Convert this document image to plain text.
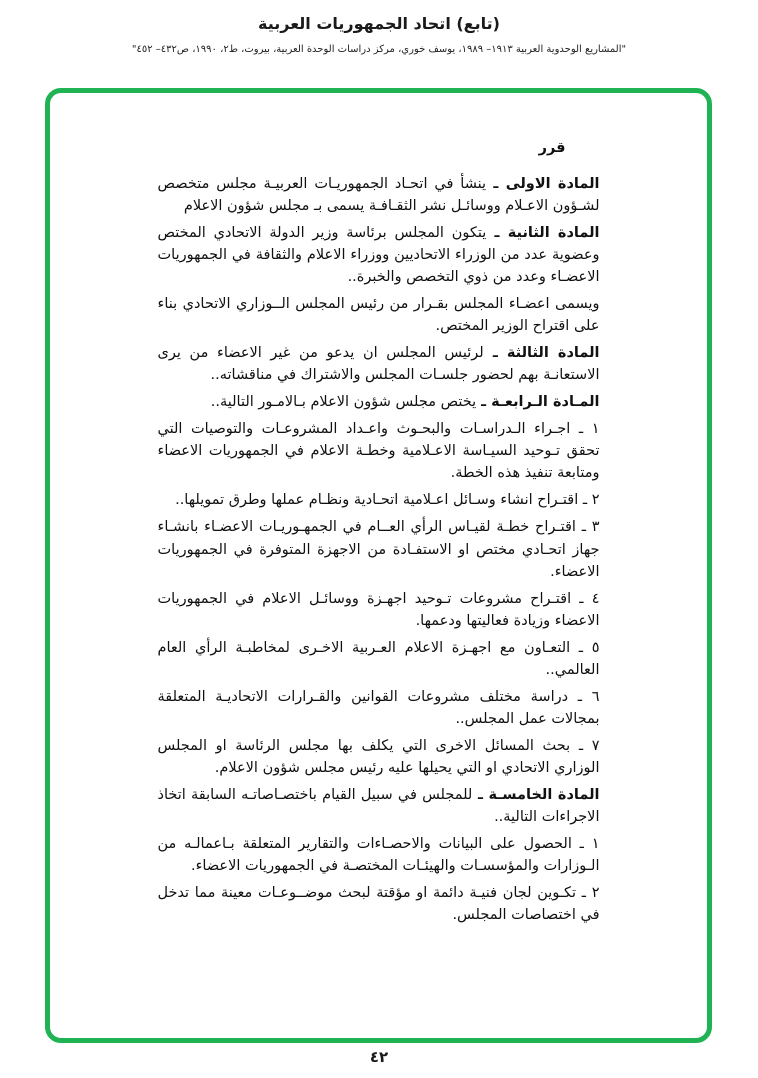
(تابع) اتحاد الجمهوريات العربية
"المشاريع الوحدوية العربية ١٩١٣– ١٩٨٩، يوسف خوري، مركز دراسات الوحدة العربية، بيروت، ط٢، ١٩٩٠، ص٤٣٢– ٤٥٢"

قرر

المادة الاولى ـ ينشأ في اتحـاد الجمهوريـات العربيـة مجلس متخصص لشـؤون الاعـلام ووسائـل نشر الثقـافـة يسمى بـ مجلس شؤون الاعلام

المادة الثانية ـ يتكون المجلس برئاسة وزير الدولة الاتحادي المختص وعضوية عدد من الوزراء الاتحاديين ووزراء الاعلام والثقافة في الجمهوريات الاعضـاء وعدد من ذوي التخصص والخبرة..

ويسمى اعضـاء المجلس بقـرار من رئيس المجلس الــوزاري الاتحادي بناء على اقتراح الوزير المختص.

المادة الثالثة ـ لرئيس المجلس ان يدعو من غير الاعضاء من يرى الاستعانـة بهم لحضور جلسـات المجلس والاشتراك في مناقشاته..

المـادة الـرابعـة ـ يختص مجلس شؤون الاعلام بـالامـور التالية..

١ ـ اجـراء الـدراسـات والبحـوث واعـداد المشروعـات والتوصيات التي تحقق تـوحيد السيـاسة الاعـلامية وخطـة الاعلام في الجمهوريات الاعضاء ومتابعة تنفيذ هذه الخطة.

٢ ـ اقتـراح انشاء وسـائل اعـلامية اتحـادية ونظـام عملها وطرق تمويلها..

٣ ـ اقتـراح خطـة لقيـاس الرأي العــام في الجمهـوريـات الاعضـاء بانشـاء جهاز اتحـادي مختص او الاستفـادة من الاجهزة المتوفرة في الجمهوريات الاعضاء.

٤ ـ اقتـراح مشروعات تـوحيد اجهـزة ووسائـل الاعلام في الجمهوريات الاعضاء وزيادة فعاليتها ودعمها.

٥ ـ التعـاون مع اجهـزة الاعلام العـربية الاخـرى لمخاطبـة الرأي العام العالمي..

٦ ـ دراسة مختلف مشروعات القوانين والقـرارات الاتحاديـة المتعلقة بمجالات عمل المجلس..

٧ ـ بحث المسائل الاخرى التي يكلف بها مجلس الرئاسة او المجلس الوزاري الاتحادي او التي يحيلها عليه رئيس مجلس شؤون الاعلام.

المادة الخامسـة ـ للمجلس في سبيل القيام باختصـاصاتـه السابقة اتخاذ الاجراءات التالية..

١ ـ الحصول على البيانات والاحصـاءات والتقارير المتعلقة بـاعمالـه من الـوزارات والمؤسسـات والهيئـات المختصـة في الجمهوريات الاعضاء.

٢ ـ تكـوين لجان فنيـة دائمة او مؤقتة لبحث موضــوعـات معينة مما تدخل في اختصاصات المجلس.

٤٢
